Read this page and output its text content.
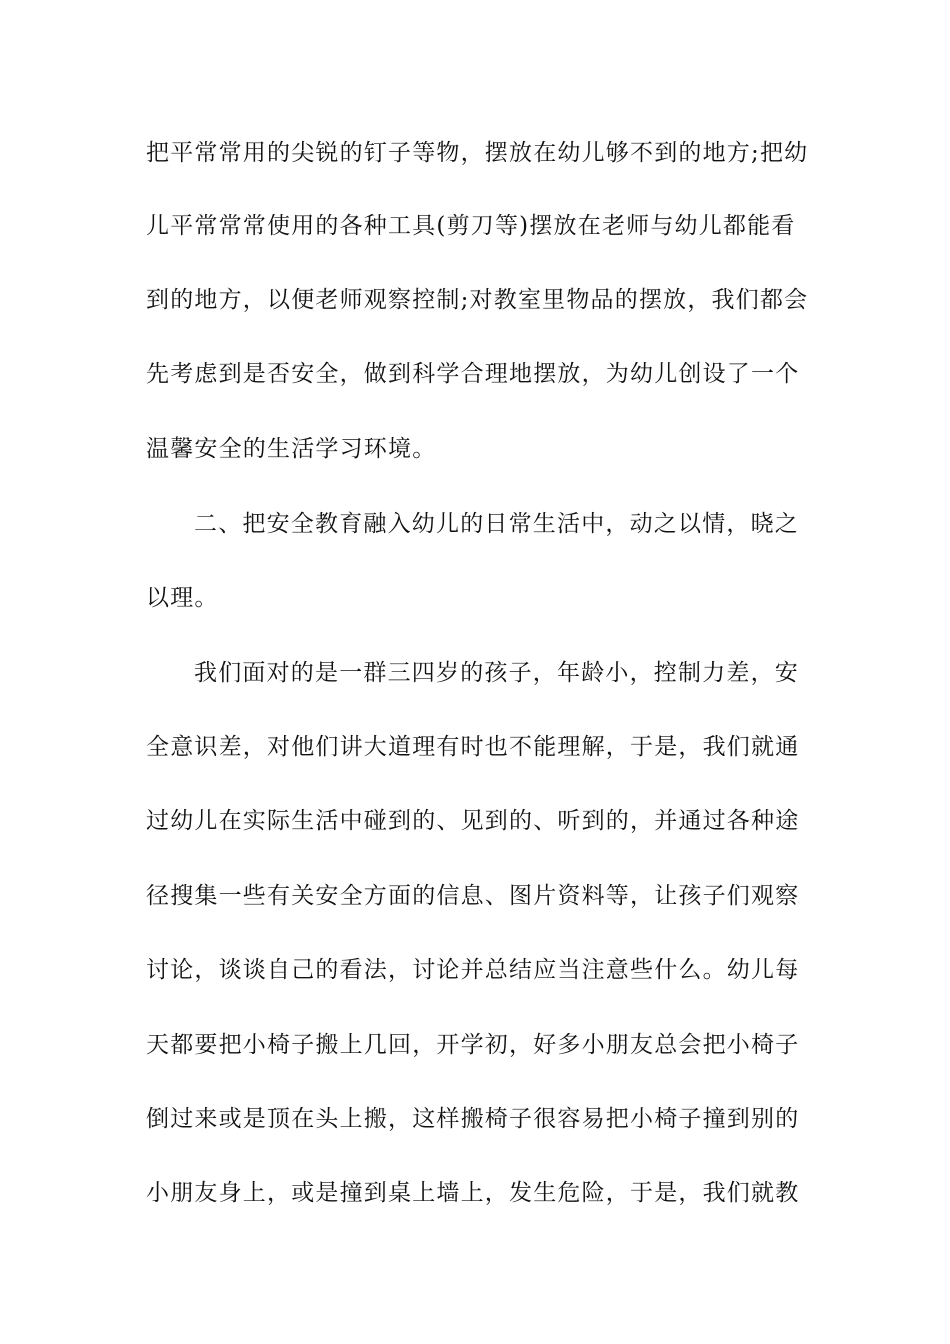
把平常常用的尖锐的钉子等物，摆放在幼儿够不到的地方;把幼
儿平常常常使用的各种工具(剪刀等)摆放在老师与幼儿都能看
到的地方，以便老师观察控制;对教室里物品的摆放，我们都会
先考虑到是否安全，做到科学合理地摆放，为幼儿创设了一个
温馨安全的生活学习环境。
二、把安全教育融入幼儿的日常生活中，动之以情，晓之
以理。
我们面对的是一群三四岁的孩子，年龄小，控制力差，安
全意识差，对他们讲大道理有时也不能理解，于是，我们就通
过幼儿在实际生活中碰到的、见到的、听到的，并通过各种途
径搜集一些有关安全方面的信息、图片资料等，让孩子们观察
讨论，谈谈自己的看法，讨论并总结应当注意些什么。幼儿每
天都要把小椅子搬上几回，开学初，好多小朋友总会把小椅子
倒过来或是顶在头上搬，这样搬椅子很容易把小椅子撞到别的
小朋友身上，或是撞到桌上墙上，发生危险，于是，我们就教
